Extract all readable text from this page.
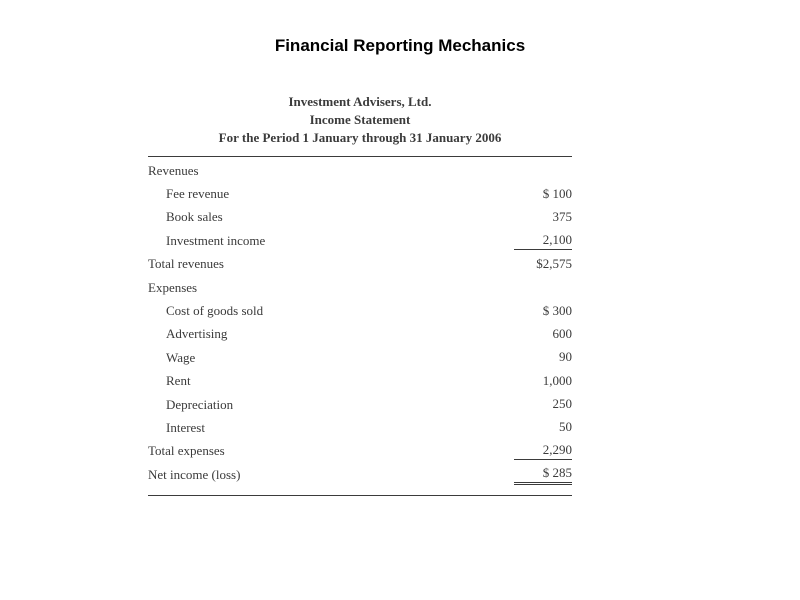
Financial Reporting Mechanics
Investment Advisers, Ltd.
Income Statement
For the Period 1 January through 31 January 2006
Revenues
Fee revenue	$ 100
Book sales	375
Investment income	2,100
Total revenues	$2,575
Expenses
Cost of goods sold	$ 300
Advertising	600
Wage	90
Rent	1,000
Depreciation	250
Interest	50
Total expenses	2,290
Net income (loss)	$ 285
